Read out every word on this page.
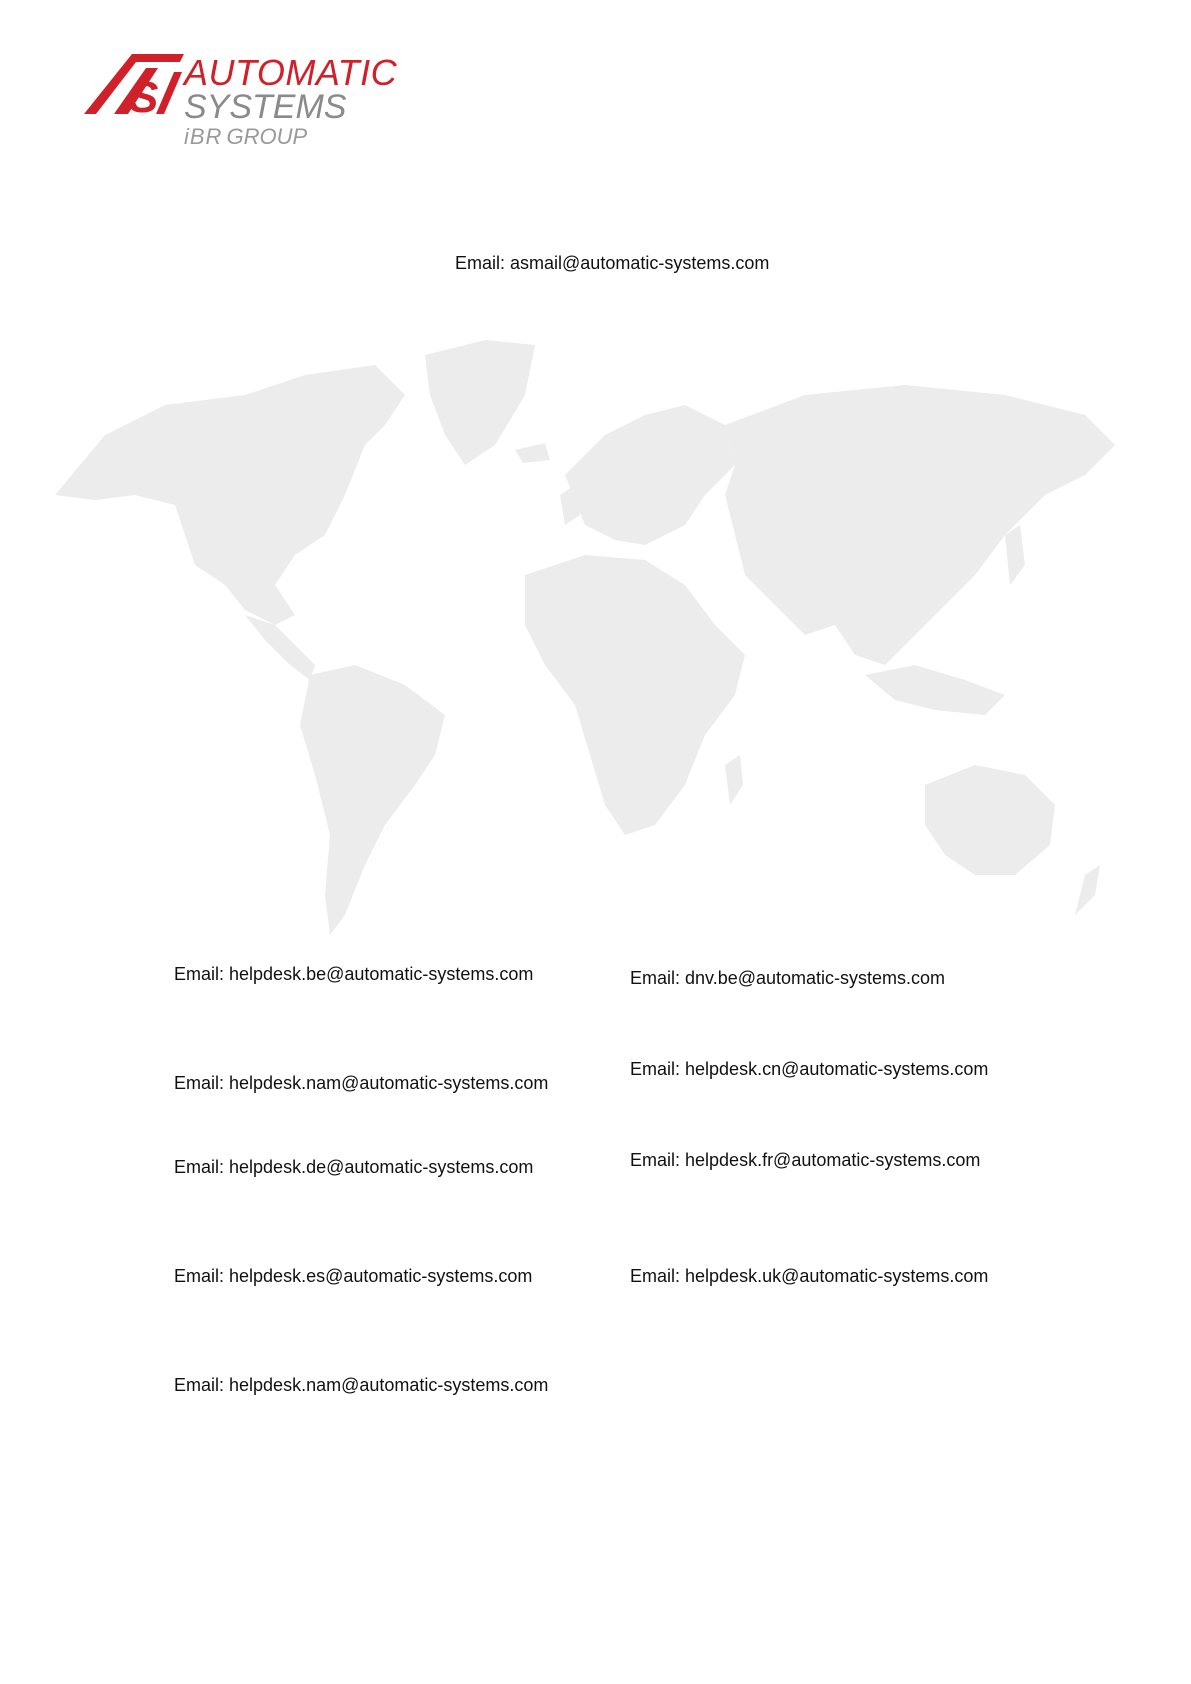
S
AUTOMATIC
SYSTEMS
iBR GROUP
Email: asmail@automatic-systems.com
Email: helpdesk.be@automatic-systems.com
Email: helpdesk.nam@automatic-systems.com
Email: helpdesk.de@automatic-systems.com
Email: helpdesk.es@automatic-systems.com
Email: helpdesk.nam@automatic-systems.com
Email: dnv.be@automatic-systems.com
Email: helpdesk.cn@automatic-systems.com
Email: helpdesk.fr@automatic-systems.com
Email: helpdesk.uk@automatic-systems.com
